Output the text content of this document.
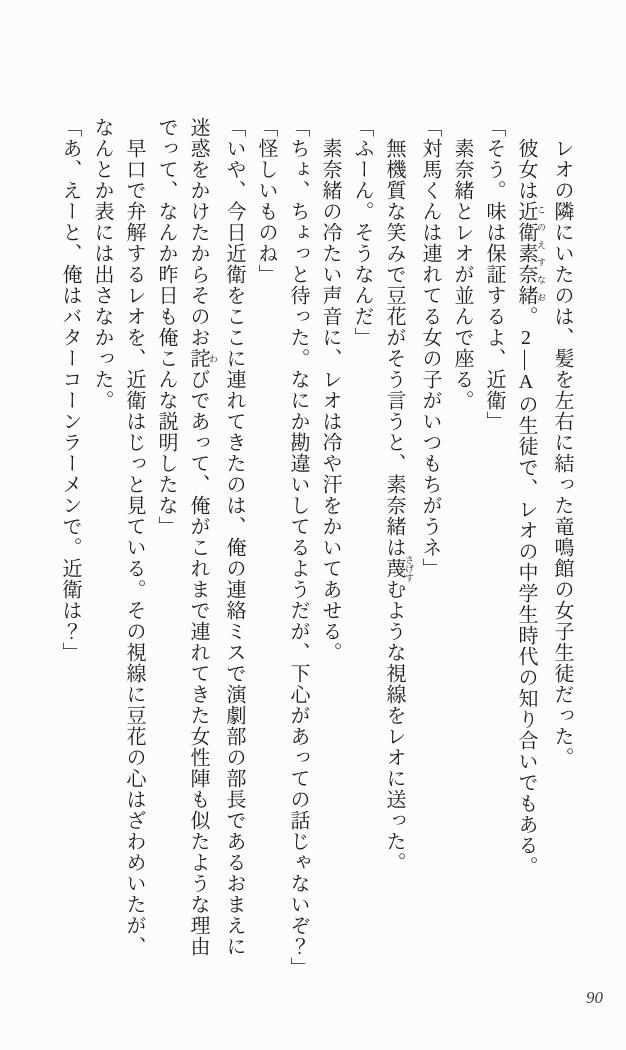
レオの隣にいたのは、髪を左右に結った竜鳴館の女子生徒だった。
彼女は近衛素奈緒 このえすなお。2―Aの生徒で、レオの中学生時代の知り合いでもある。
「そう。味は保証するよ、近衛」
素奈緒とレオが並んで座る。
「対馬くんは連れてる女の子がいつもちがうネ」
無機質な笑みで豆花がそう言うと、素奈緒は蔑 さげすむような視線をレオに送った。
「ふーん。そうなんだ」
素奈緒の冷たい声音に、レオは冷や汗をかいてあせる。
「ちょ、ちょっと待った。なにか勘違いしてるようだが、下心があっての話じゃないぞ？」
「怪しいものね」
「いや、今日近衛をここに連れてきたのは、俺の連絡ミスで演劇部の部長であるおまえに
迷惑をかけたからそのお詫 わびであって、俺がこれまで連れてきた女性陣も似たような理由
でって、なんか昨日も俺こんな説明したな」
早口で弁解するレオを、近衛はじっと見ている。その視線に豆花の心はざわめいたが、
なんとか表には出さなかった。
「あ、えーと、俺はバターコーンラーメンで。近衛は？」
90
